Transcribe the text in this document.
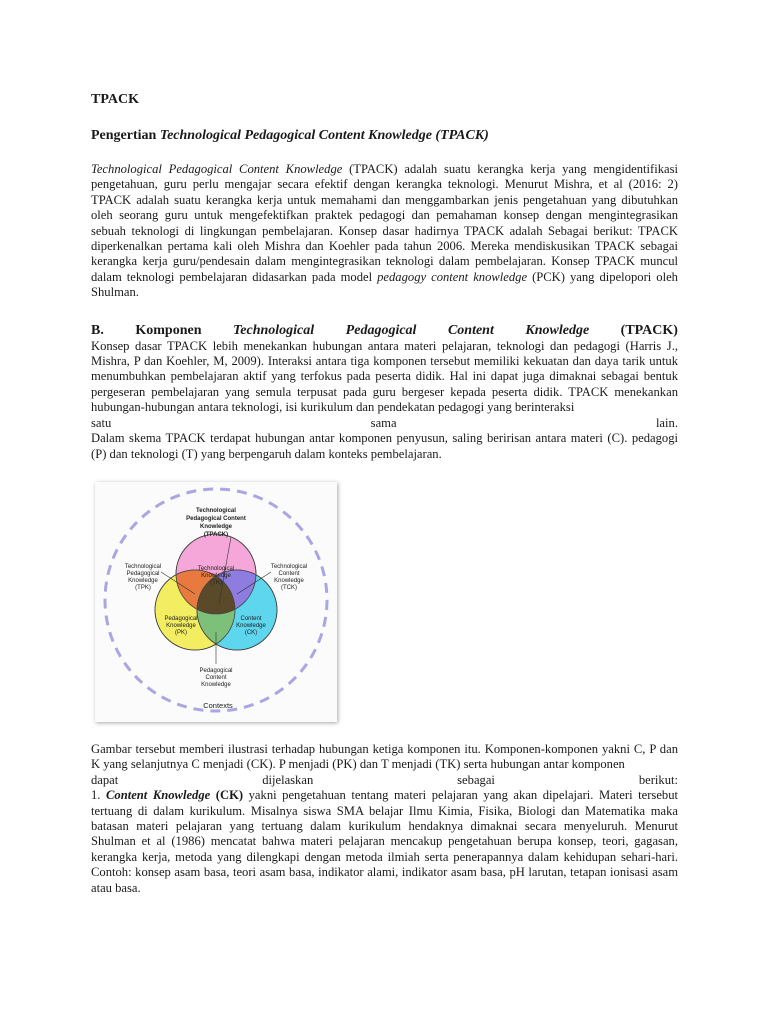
TPACK
Pengertian Technological Pedagogical Content Knowledge (TPACK)

Technological Pedagogical Content Knowledge (TPACK) adalah suatu kerangka kerja yang mengidentifikasi pengetahuan, guru perlu mengajar secara efektif dengan kerangka teknologi. Menurut Mishra, et al (2016: 2) TPACK adalah suatu kerangka kerja untuk memahami dan menggambarkan jenis pengetahuan yang dibutuhkan oleh seorang guru untuk mengefektifkan praktek pedagogi dan pemahaman konsep dengan mengintegrasikan sebuah teknologi di lingkungan pembelajaran. Konsep dasar hadirnya TPACK adalah Sebagai berikut: TPACK diperkenalkan pertama kali oleh Mishra dan Koehler pada tahun 2006. Mereka mendiskusikan TPACK sebagai kerangka kerja guru/pendesain dalam mengintegrasikan teknologi dalam pembelajaran. Konsep TPACK muncul dalam teknologi pembelajaran didasarkan pada model pedagogy content knowledge (PCK) yang dipelopori oleh Shulman.

B. Komponen Technological Pedagogical Content Knowledge (TPACK)

Konsep dasar TPACK lebih menekankan hubungan antara materi pelajaran, teknologi dan pedagogi (Harris J., Mishra, P dan Koehler, M, 2009). Interaksi antara tiga komponen tersebut memiliki kekuatan dan daya tarik untuk menumbuhkan pembelajaran aktif yang terfokus pada peserta didik. Hal ini dapat juga dimaknai sebagai bentuk pergeseran pembelajaran yang semula terpusat pada guru bergeser kepada peserta didik. TPACK menekankan hubungan-hubungan antara teknologi, isi kurikulum dan pendekatan pedagogi yang berinteraksi

satu	sama	lain.

Dalam skema TPACK terdapat hubungan antar komponen penyusun, saling beririsan antara materi (C). pedagogi (P) dan teknologi (T) yang berpengaruh dalam konteks pembelajaran.

Technological
Pedagogical Content
Knowledge
(TPACK)
Technological
Pedagogical
Knowledge
(TPK)
Technological
Knowledge
(TK)
Technological
Content
Knowledge
(TCK)
Pedagogical
Knowledge
(PK)
Content
Knowledge
(CK)
Pedagogical
Content
Knowledge
Contexts

Gambar tersebut memberi ilustrasi terhadap hubungan ketiga komponen itu. Komponen-komponen yakni C, P dan K yang selanjutnya C menjadi (CK). P menjadi (PK) dan T menjadi (TK) serta hubungan antar komponen

dapat	dijelaskan	sebagai	berikut:

1. Content Knowledge (CK) yakni pengetahuan tentang materi pelajaran yang akan dipelajari. Materi tersebut tertuang di dalam kurikulum. Misalnya siswa SMA belajar Ilmu Kimia, Fisika, Biologi dan Matematika maka batasan materi pelajaran yang tertuang dalam kurikulum hendaknya dimaknai secara menyeluruh. Menurut Shulman et al (1986) mencatat bahwa materi pelajaran mencakup pengetahuan berupa konsep, teori, gagasan, kerangka kerja, metoda yang dilengkapi dengan metoda ilmiah serta penerapannya dalam kehidupan sehari-hari. Contoh: konsep asam basa, teori asam basa, indikator alami, indikator asam basa, pH larutan, tetapan ionisasi asam atau basa.
